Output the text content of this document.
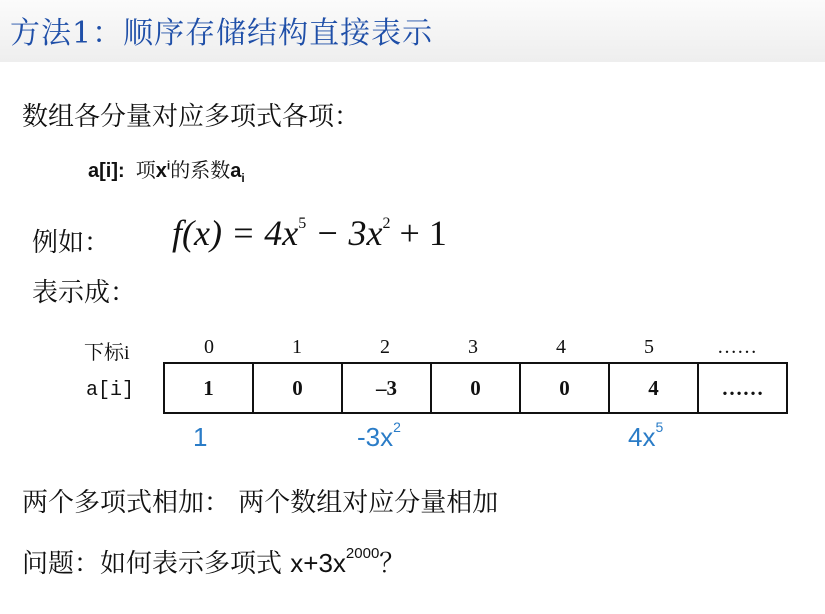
方法1：顺序存储结构直接表示
数组各分量对应多项式各项：
a[i]: 项$x^i$的系数$a_i$
例如： $f(x) = 4x^5 - 3x^2 + 1$
表示成：
下标i
a[i]
0	1	2	3	4	5	……
1	0	–3	0	0	4	……
1	$-3x^2$	$4x^5$
两个多项式相加： 两个数组对应分量相加
问题：如何表示多项式 $x+3x^{2000}$？
